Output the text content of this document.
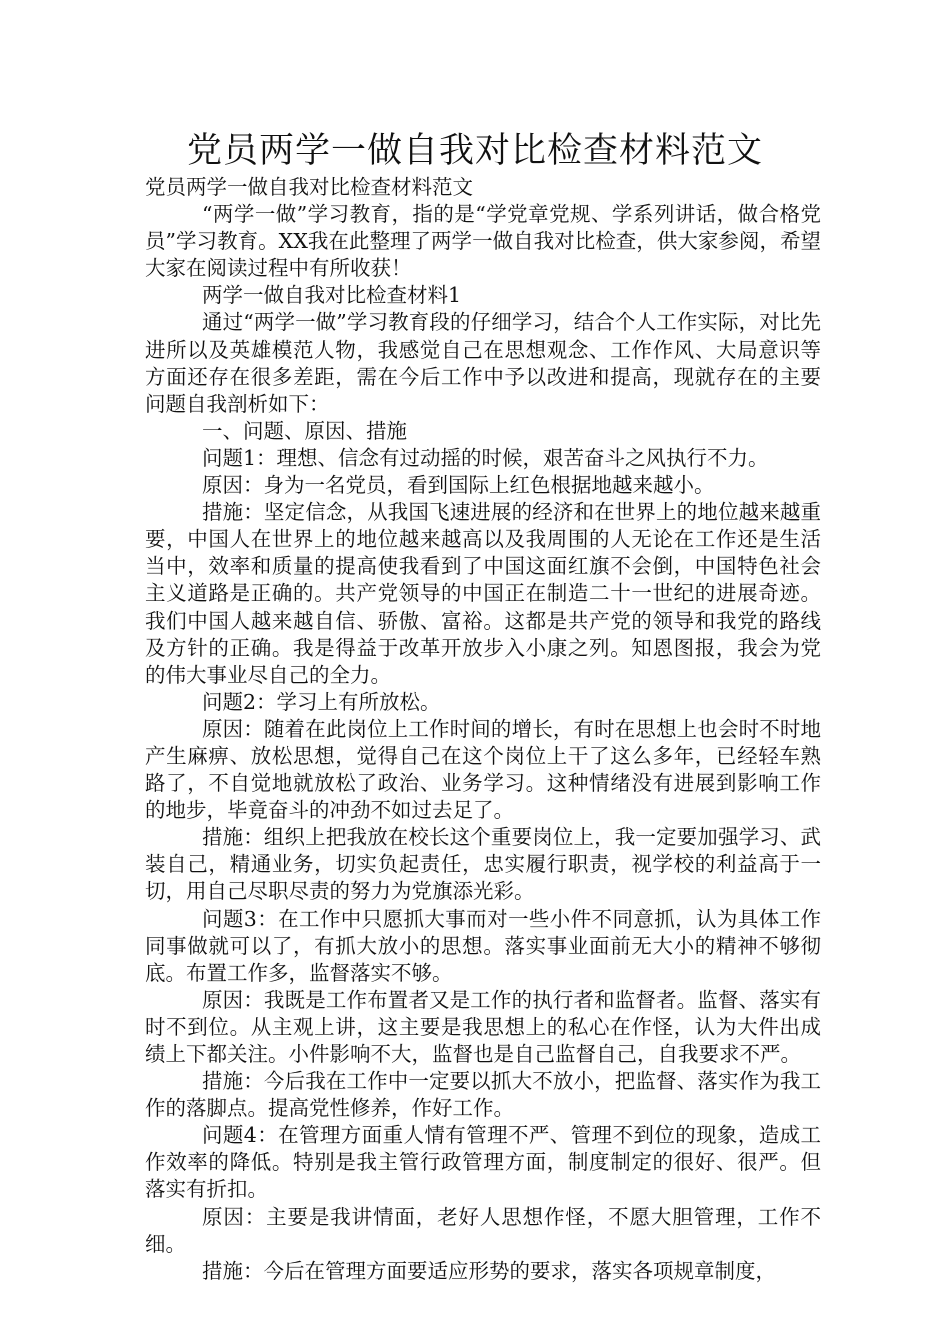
党员两学一做自我对比检查材料范文

党员两学一做自我对比检查材料范文

“两学一做”学习教育，指的是“学党章党规、学系列讲话，做合格党员”学习教育。XX我在此整理了两学一做自我对比检查，供大家参阅，希望大家在阅读过程中有所收获！

两学一做自我对比检查材料1

通过“两学一做”学习教育段的仔细学习，结合个人工作实际，对比先进所以及英雄模范人物，我感觉自己在思想观念、工作作风、大局意识等方面还存在很多差距，需在今后工作中予以改进和提高，现就存在的主要问题自我剖析如下：

一、问题、原因、措施

问题1：理想、信念有过动摇的时候，艰苦奋斗之风执行不力。

原因：身为一名党员，看到国际上红色根据地越来越小。

措施：坚定信念，从我国飞速进展的经济和在世界上的地位越来越重要，中国人在世界上的地位越来越高以及我周围的人无论在工作还是生活当中，效率和质量的提高使我看到了中国这面红旗不会倒，中国特色社会主义道路是正确的。共产党领导的中国正在制造二十一世纪的进展奇迹。我们中国人越来越自信、骄傲、富裕。这都是共产党的领导和我党的路线及方针的正确。我是得益于改革开放步入小康之列。知恩图报，我会为党的伟大事业尽自己的全力。

问题2：学习上有所放松。

原因：随着在此岗位上工作时间的增长，有时在思想上也会时不时地产生麻痹、放松思想，觉得自己在这个岗位上干了这么多年，已经轻车熟路了，不自觉地就放松了政治、业务学习。这种情绪没有进展到影响工作的地步，毕竟奋斗的冲劲不如过去足了。

措施：组织上把我放在校长这个重要岗位上，我一定要加强学习、武装自己，精通业务，切实负起责任，忠实履行职责，视学校的利益高于一切，用自己尽职尽责的努力为党旗添光彩。

问题3：在工作中只愿抓大事而对一些小件不同意抓，认为具体工作同事做就可以了，有抓大放小的思想。落实事业面前无大小的精神不够彻底。布置工作多，监督落实不够。

原因：我既是工作布置者又是工作的执行者和监督者。监督、落实有时不到位。从主观上讲，这主要是我思想上的私心在作怪，认为大件出成绩上下都关注。小件影响不大，监督也是自己监督自己，自我要求不严。

措施：今后我在工作中一定要以抓大不放小，把监督、落实作为我工作的落脚点。提高党性修养，作好工作。

问题4：在管理方面重人情有管理不严、管理不到位的现象，造成工作效率的降低。特别是我主管行政管理方面，制度制定的很好、很严。但落实有折扣。

原因：主要是我讲情面，老好人思想作怪，不愿大胆管理，工作不细。

措施：今后在管理方面要适应形势的要求，落实各项规章制度，
